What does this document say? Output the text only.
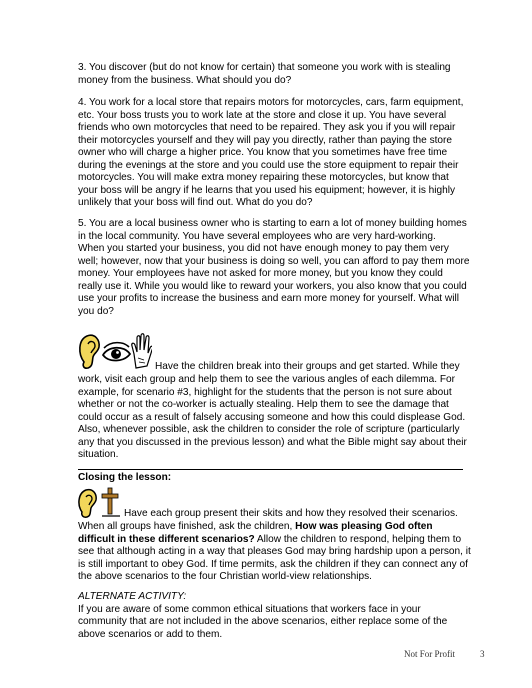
3. You discover (but do not know for certain) that someone you work with is stealing
money from the business. What should you do?

4. You work for a local store that repairs motors for motorcycles, cars, farm equipment,
etc. Your boss trusts you to work late at the store and close it up. You have several
friends who own motorcycles that need to be repaired. They ask you if you will repair
their motorcycles yourself and they will pay you directly, rather than paying the store
owner who will charge a higher price. You know that you sometimes have free time
during the evenings at the store and you could use the store equipment to repair their
motorcycles. You will make extra money repairing these motorcycles, but know that
your boss will be angry if he learns that you used his equipment; however, it is highly
unlikely that your boss will find out. What do you do?

5. You are a local business owner who is starting to earn a lot of money building homes
in the local community. You have several employees who are very hard-working.
When you started your business, you did not have enough money to pay them very
well; however, now that your business is doing so well, you can afford to pay them more
money. Your employees have not asked for more money, but you know they could
really use it. While you would like to reward your workers, you also know that you could
use your profits to increase the business and earn more money for yourself. What will
you do?

Have the children break into their groups and get started. While they

work, visit each group and help them to see the various angles of each dilemma. For
example, for scenario #3, highlight for the students that the person is not sure about
whether or not the co-worker is actually stealing. Help them to see the damage that
could occur as a result of falsely accusing someone and how this could displease God.
Also, whenever possible, ask the children to consider the role of scripture (particularly
any that you discussed in the previous lesson) and what the Bible might say about their
situation.

Closing the lesson:

Have each group present their skits and how they resolved their scenarios.

When all groups have finished, ask the children, How was pleasing God often
difficult in these different scenarios? Allow the children to respond, helping them to
see that although acting in a way that pleases God may bring hardship upon a person, it
is still important to obey God. If time permits, ask the children if they can connect any of
the above scenarios to the four Christian world-view relationships.

ALTERNATE ACTIVITY:
If you are aware of some common ethical situations that workers face in your
community that are not included in the above scenarios, either replace some of the
above scenarios or add to them.

Not For Profit	3
